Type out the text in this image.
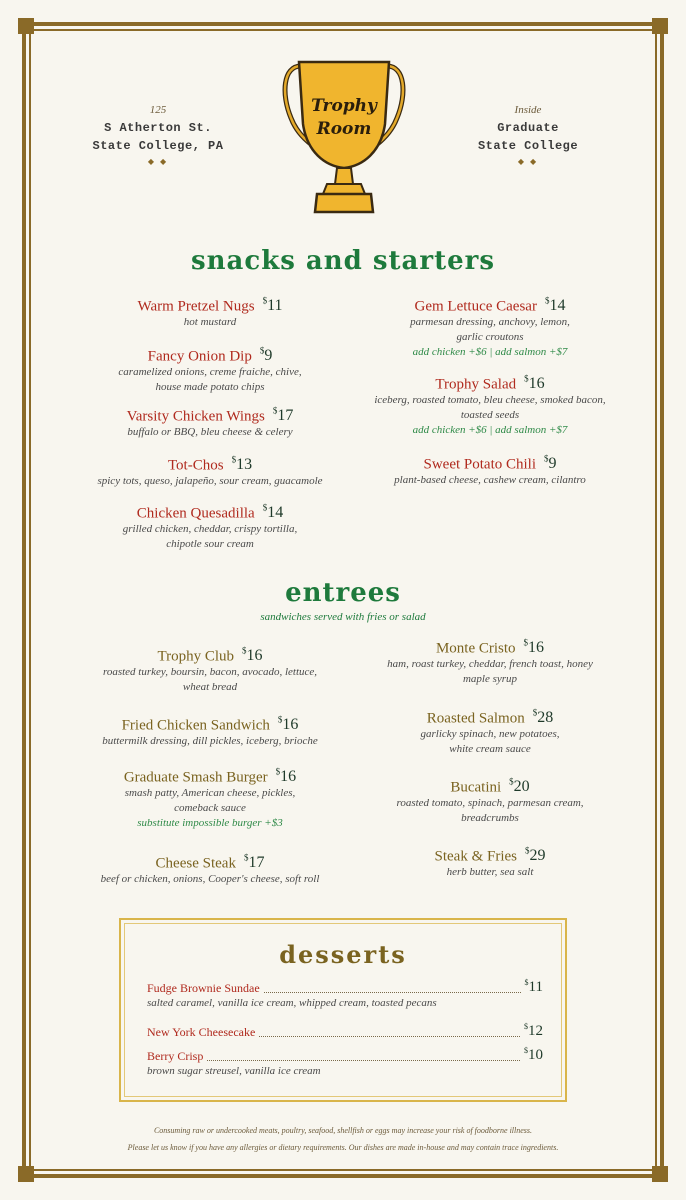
125
S Atherton St.
State College, PA
◆ ◆
Inside
Graduate
State College
◆ ◆
Trophy
Room
snacks and starters
Warm Pretzel Nugs $11
hot mustard
Fancy Onion Dip $9
caramelized onions, creme fraiche, chive,
house made potato chips
Varsity Chicken Wings $17
buffalo or BBQ, bleu cheese & celery
Tot-Chos $13
spicy tots, queso, jalapeño, sour cream, guacamole
Chicken Quesadilla $14
grilled chicken, cheddar, crispy tortilla,
chipotle sour cream
Gem Lettuce Caesar $14
parmesan dressing, anchovy, lemon,
garlic croutons
add chicken +$6 | add salmon +$7
Trophy Salad $16
iceberg, roasted tomato, bleu cheese, smoked bacon,
toasted seeds
add chicken +$6 | add salmon +$7
Sweet Potato Chili $9
plant-based cheese, cashew cream, cilantro
entrees
sandwiches served with fries or salad
Trophy Club $16
roasted turkey, boursin, bacon, avocado, lettuce,
wheat bread
Fried Chicken Sandwich $16
buttermilk dressing, dill pickles, iceberg, brioche
Graduate Smash Burger $16
smash patty, American cheese, pickles,
comeback sauce
substitute impossible burger +$3
Cheese Steak $17
beef or chicken, onions, Cooper's cheese, soft roll
Monte Cristo $16
ham, roast turkey, cheddar, french toast, honey
maple syrup
Roasted Salmon $28
garlicky spinach, new potatoes,
white cream sauce
Bucatini $20
roasted tomato, spinach, parmesan cream,
breadcrumbs
Steak & Fries $29
herb butter, sea salt
desserts
Fudge Brownie Sundae	$11
salted caramel, vanilla ice cream, whipped cream, toasted pecans
New York Cheesecake	$12
Berry Crisp	$10
brown sugar streusel, vanilla ice cream
Consuming raw or undercooked meats, poultry, seafood, shellfish or eggs may increase your risk of foodborne illness.
Please let us know if you have any allergies or dietary requirements. Our dishes are made in-house and may contain trace ingredients.
